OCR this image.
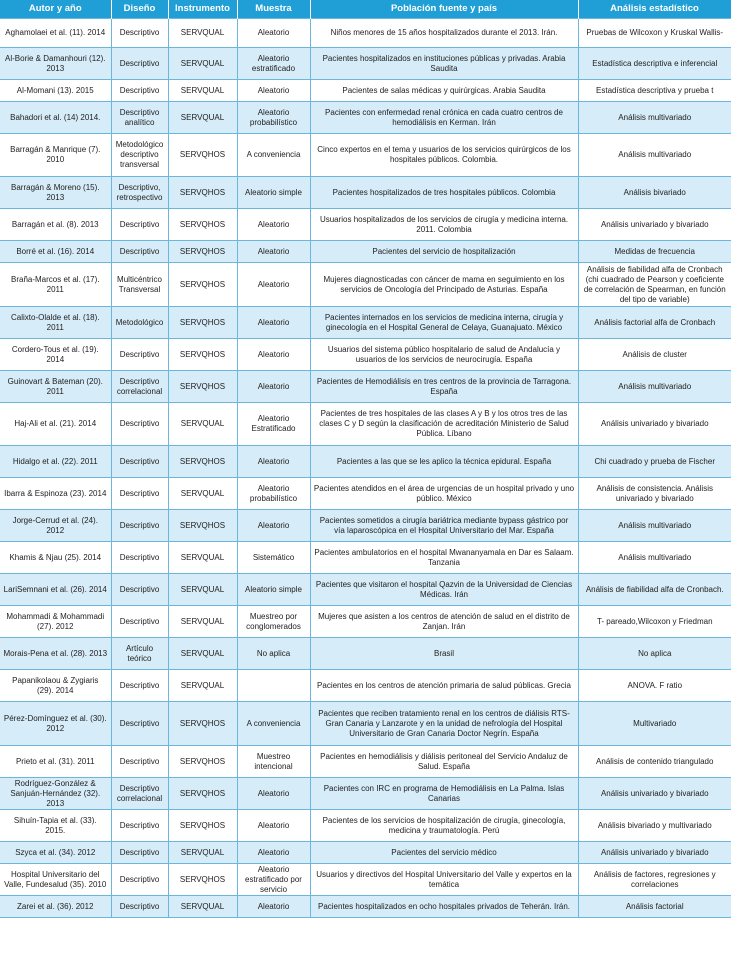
Autor y año	Diseño	Instrumento	Muestra	Población fuente y país	Análisis estadístico
Aghamolaei et al. (11). 2014	Descriptivo	SERVQUAL	Aleatorio	Niños menores de 15 años hospitalizados durante el 2013. Irán.	Pruebas de Wilcoxon y Kruskal Wallis-
Al-Borie & Damanhouri (12). 2013	Descriptivo	SERVQUAL	Aleatorio estratificado	Pacientes hospitalizados en instituciones públicas y privadas. Arabia Saudita	Estadística descriptiva e inferencial
Al-Momani (13). 2015	Descriptivo	SERVQUAL	Aleatorio	Pacientes de salas médicas y quirúrgicas. Arabia Saudita	Estadística descriptiva y prueba t
Bahadori et al. (14) 2014.	Descriptivo analítico	SERVQUAL	Aleatorio probabilístico	Pacientes con enfermedad renal crónica en cada cuatro centros de hemodiálisis en Kerman. Irán	Análisis multivariado
Barragán & Manrique (7). 2010	Metodológico descriptivo transversal	SERVQHOS	A conveniencia	Cinco expertos en el tema y usuarios de los servicios quirúrgicos de los hospitales públicos. Colombia.	Análisis multivariado
Barragán & Moreno (15). 2013	Descriptivo, retrospectivo	SERVQHOS	Aleatorio simple	Pacientes hospitalizados de tres hospitales públicos. Colombia	Análisis bivariado
Barragán et al. (8). 2013	Descriptivo	SERVQHOS	Aleatorio	Usuarios hospitalizados de los servicios de cirugía y medicina interna. 2011. Colombia	Análisis univariado y bivariado
Borré et al. (16). 2014	Descriptivo	SERVQHOS	Aleatorio	Pacientes del servicio de hospitalización	Medidas de frecuencia
Braña-Marcos et al. (17). 2011	Multicéntrico Transversal	SERVQHOS	Aleatorio	Mujeres diagnosticadas con cáncer de mama en seguimiento en los servicios de Oncología del Principado de Asturias. España	Análisis de fiabilidad alfa de Cronbach (chi cuadrado de Pearson y coeficiente de correlación de Spearman, en función del tipo de variable)
Calixto-Olalde et al. (18). 2011	Metodológico	SERVQHOS	Aleatorio	Pacientes internados en los servicios de medicina interna, cirugía y ginecología en el Hospital General de Celaya, Guanajuato. México	Análisis factorial alfa de Cronbach
Cordero-Tous et al. (19). 2014	Descriptivo	SERVQHOS	Aleatorio	Usuarios del sistema público hospitalario de salud de Andalucía y usuarios de los servicios de neurocirugía. España	Análisis de cluster
Guinovart & Bateman (20). 2011	Descriptivo correlacional	SERVQHOS	Aleatorio	Pacientes de Hemodiálisis en tres centros de la provincia de Tarragona. España	Análisis multivariado
Haj-Ali et al. (21). 2014	Descriptivo	SERVQUAL	Aleatorio Estratificado	Pacientes de tres hospitales de las clases A y B y los otros tres de las clases C y D según la clasificación de acreditación Ministerio de Salud Pública. Líbano	Análisis univariado y bivariado
Hidalgo et al. (22). 2011	Descriptivo	SERVQHOS	Aleatorio	Pacientes a las que se les aplico la técnica epidural. España	Chi cuadrado y prueba de Fischer
Ibarra & Espinoza (23). 2014	Descriptivo	SERVQUAL	Aleatorio probabilístico	Pacientes atendidos en el área de urgencias de un hospital privado y uno público. México	Análisis de consistencia. Análisis univariado y bivariado
Jorge-Cerrud et al. (24). 2012	Descriptivo	SERVQHOS	Aleatorio	Pacientes sometidos a cirugía bariátrica mediante bypass gástrico por vía laparoscópica en el Hospital Universitario del Mar. España	Análisis multivariado
Khamis & Njau (25). 2014	Descriptivo	SERVQUAL	Sistemático	Pacientes ambulatorios en el hospital Mwananyamala en Dar es Salaam. Tanzania	Análisis multivariado
LariSemnani et al. (26). 2014	Descriptivo	SERVQUAL	Aleatorio simple	Pacientes que visitaron el hospital Qazvin de la Universidad de Ciencias Médicas. Irán	Análisis de fiabilidad alfa de Cronbach.
Mohammadi & Mohammadi (27). 2012	Descriptivo	SERVQUAL	Muestreo por conglomerados	Mujeres que asisten a los centros de atención de salud en el distrito de Zanjan. Irán	T- pareado,Wilcoxon y Friedman
Morais-Pena et al. (28). 2013	Artículo teórico	SERVQUAL	No aplica	Brasil	No aplica
Papanikolaou & Zygiaris (29). 2014	Descriptivo	SERVQUAL		Pacientes en los centros de atención primaria de salud públicas. Grecia	ANOVA. F ratio
Pérez-Domínguez et al. (30). 2012	Descriptivo	SERVQHOS	A conveniencia	Pacientes que reciben tratamiento renal en los centros de diálisis RTS-Gran Canaria y Lanzarote y en la unidad de nefrología del Hospital Universitario de Gran Canaria Doctor Negrín. España	Multivariado
Prieto et al. (31). 2011	Descriptivo	SERVQHOS	Muestreo intencional	Pacientes en hemodiálisis y diálisis peritoneal del Servicio Andaluz de Salud. España	Análisis de contenido triangulado
Rodríguez-González & Sanjuán-Hernández (32). 2013	Descriptivo correlacional	SERVQHOS	Aleatorio	Pacientes con IRC en programa de Hemodiálisis en La Palma. Islas Canarias	Análisis univariado y bivariado
Sihuín-Tapia et al. (33). 2015.	Descriptivo	SERVQHOS	Aleatorio	Pacientes de los servicios de hospitalización de cirugía, ginecología, medicina y traumatología. Perú	Análisis bivariado y multivariado
Szyca et al. (34). 2012	Descriptivo	SERVQUAL	Aleatorio	Pacientes del servicio médico	Análisis univariado y bivariado
Hospital Universitario del Valle, Fundesalud (35). 2010	Descriptivo	SERVQHOS	Aleatorio estratificado por servicio	Usuarios y directivos del Hospital Universitario del Valle y expertos en la temática	Análisis de factores, regresiones y correlaciones
Zarei et al. (36). 2012	Descriptivo	SERVQUAL	Aleatorio	Pacientes hospitalizados en ocho hospitales privados de Teherán. Irán.	Análisis factorial
